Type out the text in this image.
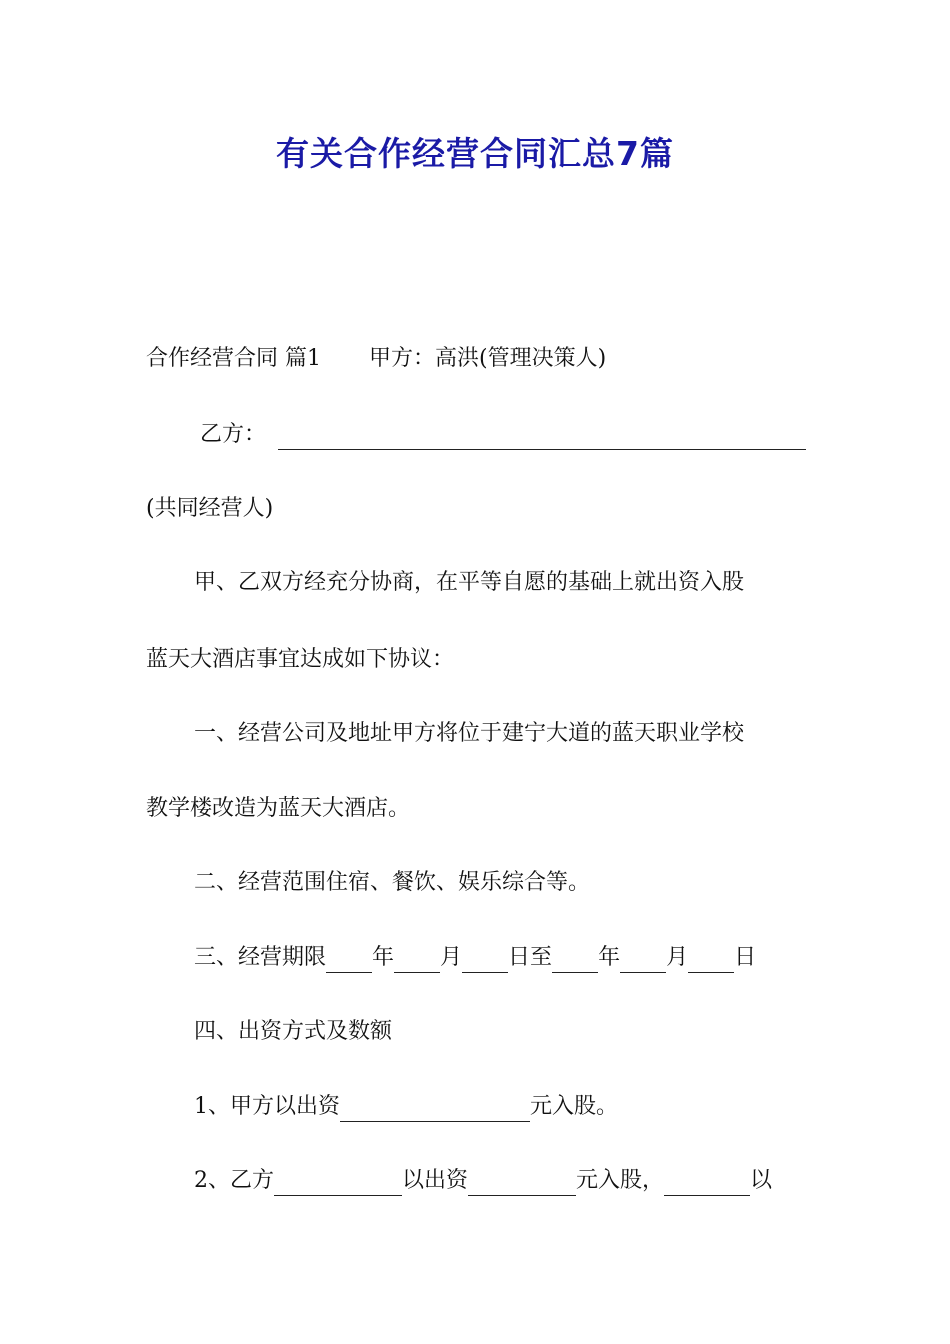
有关合作经营合同汇总7篇
合作经营合同 篇1 甲方：高洪(管理决策人)
乙方：
(共同经营人)
甲、乙双方经充分协商，在平等自愿的基础上就出资入股
蓝天大酒店事宜达成如下协议：
一、经营公司及地址甲方将位于建宁大道的蓝天职业学校
教学楼改造为蓝天大酒店。
二、经营范围住宿、餐饮、娱乐综合等。
三、经营期限 年 月 日至 年 月 日
四、出资方式及数额
1、甲方以出资	元入股。
2、乙方	以出资	元入股，	以
